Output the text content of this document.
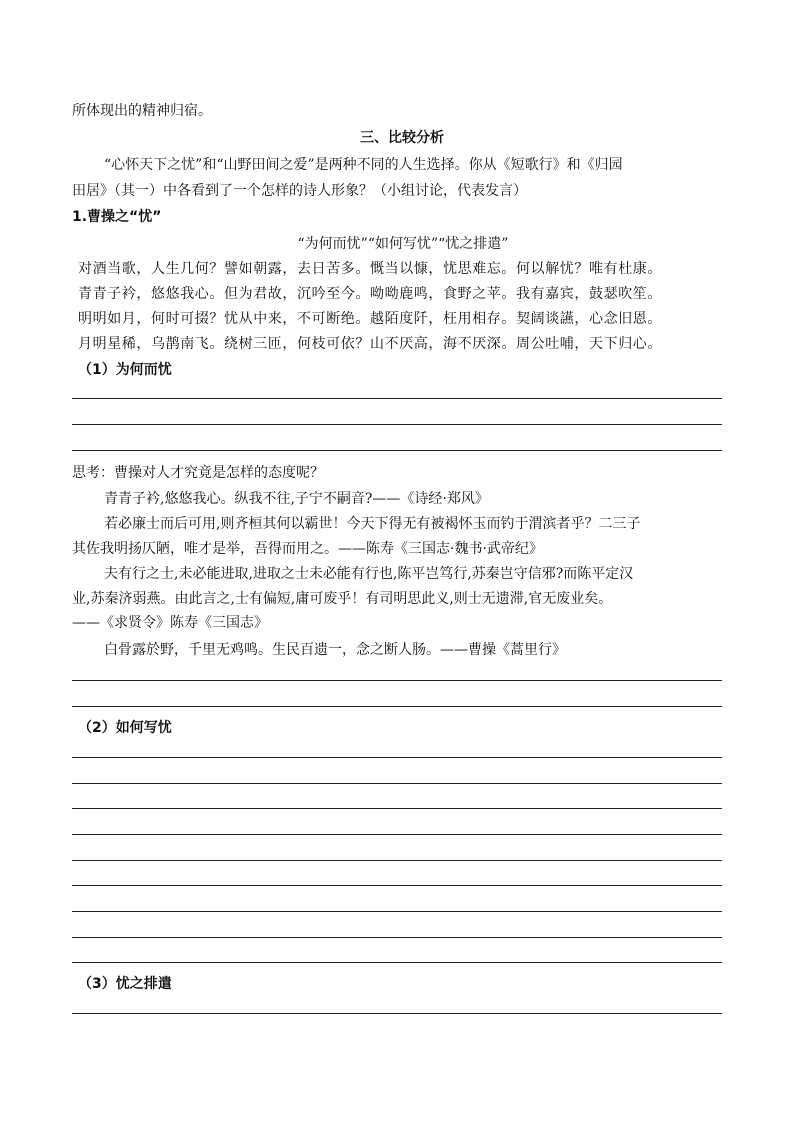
所体现出的精神归宿。
三、比较分析
“心怀天下之忧”和“山野田间之爱”是两种不同的人生选择。你从《短歌行》和《归园
田居》（其一）中各看到了一个怎样的诗人形象？（小组讨论，代表发言）
1.曹操之“忧”
“为何而忧”“如何写忧”“忧之排遣”
对酒当歌，人生几何？譬如朝露，去日苦多。慨当以慷，忧思难忘。何以解忧？唯有杜康。
青青子衿，悠悠我心。但为君故，沉吟至今。呦呦鹿鸣，食野之苹。我有嘉宾，鼓瑟吹笙。
明明如月，何时可掇？忧从中来，不可断绝。越陌度阡，枉用相存。契阔谈讌，心念旧恩。
月明星稀，乌鹊南飞。绕树三匝，何枝可依？山不厌高，海不厌深。周公吐哺，天下归心。
（1）为何而忧
思考：曹操对人才究竟是怎样的态度呢？
青青子衿,悠悠我心。纵我不往,子宁不嗣音?——《诗经·郑风》
若必廉士而后可用,则齐桓其何以霸世！今天下得无有被褐怀玉而钓于渭滨者乎？二三子
其佐我明扬仄陋，唯才是举，吾得而用之。——陈寿《三国志·魏书·武帝纪》
夫有行之士,未必能进取,进取之士未必能有行也,陈平岂笃行,苏秦岂守信邪?而陈平定汉
业,苏秦济弱燕。由此言之,士有偏短,庸可废乎！有司明思此义,则士无遗滞,官无废业矣。
——《求贤令》陈寿《三国志》
白骨露於野，千里无鸡鸣。生民百遗一，念之断人肠。——曹操《蒿里行》
（2）如何写忧
（3）忧之排遣
